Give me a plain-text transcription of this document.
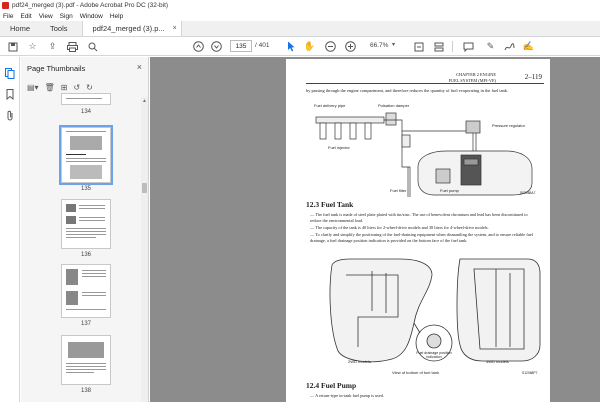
pdf24_merged (3).pdf - Adobe Acrobat Pro DC (32-bit)
File Edit View Sign Window Help
Home	Tools	pdf24_merged (3).p... ×
☆	⇪	135	/ 401	✋	66.7% ▾	✎	✍
Page Thumbnails	×
▤▾ 🗑 ⊞ ↺ ↻
134
135
136
137
138
▲
CHAPTER 2 ENGINE
FUEL SYSTEM (MFI-VE)	2–119
by passing through the engine compartment, and therefore reduces the quantity of fuel evaporating in the fuel tank.
Fuel delivery pipe	Pulsation damper
Pressure regulator
Fuel injector
Fuel filter	Fuel pump	S02068A7
12.3 Fuel Tank
— The fuel tank is made of steel plate plated with tin/zinc. The use of benevolent chromium and lead has been discontinued to reduce the environmental load.
— The capacity of the tank is 40 liters for 2-wheel-drive models and 38 liters for 4-wheel-drive models.
— To clarify and simplify the positioning of the fuel-draining equipment when dismantling the system, and to ensure reliable fuel drainage, a fuel drainage position indication is provided on the bottom face of the fuel tank.
2WD models	4WD models
Fuel drainage position indication
View of bottom of fuel tank	S12068P7
12.4 Fuel Pump
— A return-type in-tank fuel pump is used.
